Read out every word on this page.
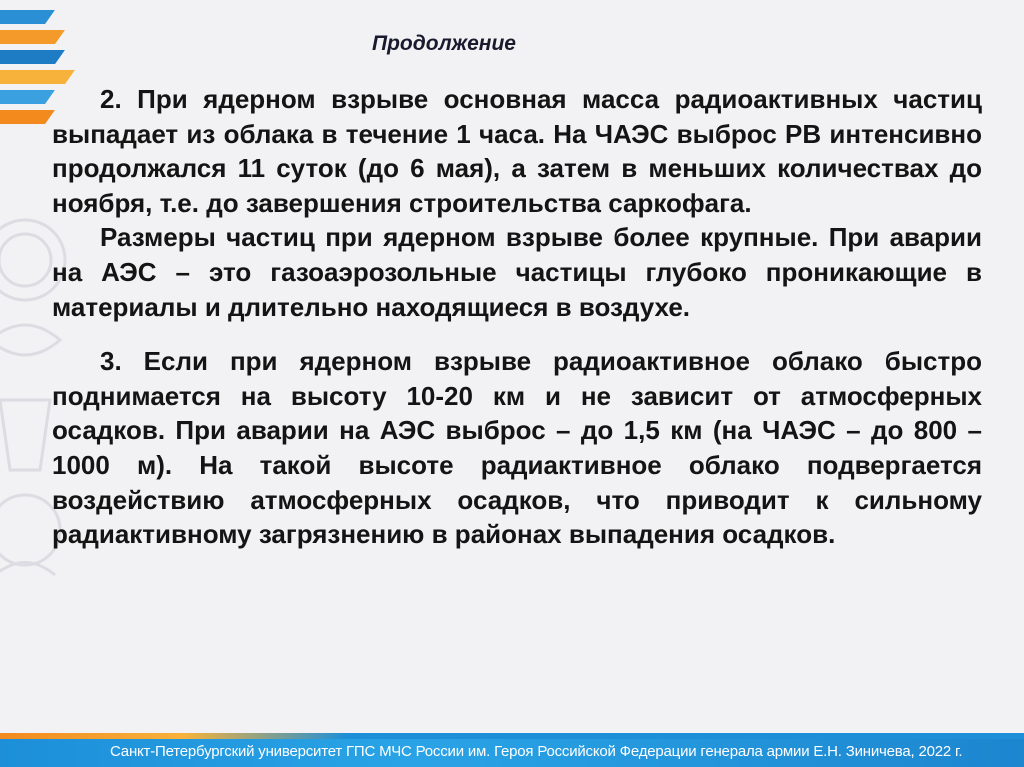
Продолжение

2. При ядерном взрыве основная масса радиоактивных частиц выпадает из облака в течение 1 часа. На ЧАЭС выброс РВ интенсивно продолжался 11 суток (до 6 мая), а затем в меньших количествах до ноября, т.е. до завершения строительства саркофага.

Размеры частиц при ядерном взрыве более крупные. При аварии на АЭС – это газоаэрозольные частицы глубоко проникающие в материалы и длительно находящиеся в воздухе.

3. Если при ядерном взрыве радиоактивное облако быстро поднимается на высоту 10-20 км и не зависит от атмосферных осадков. При аварии на АЭС выброс – до 1,5 км (на ЧАЭС – до 800 – 1000 м). На такой высоте радиактивное облако подвергается воздействию атмосферных осадков, что приводит к сильному радиактивному загрязнению в районах выпадения осадков.

Санкт-Петербургский университет ГПС МЧС России им. Героя Российской Федерации генерала армии Е.Н. Зиничева, 2022 г.
